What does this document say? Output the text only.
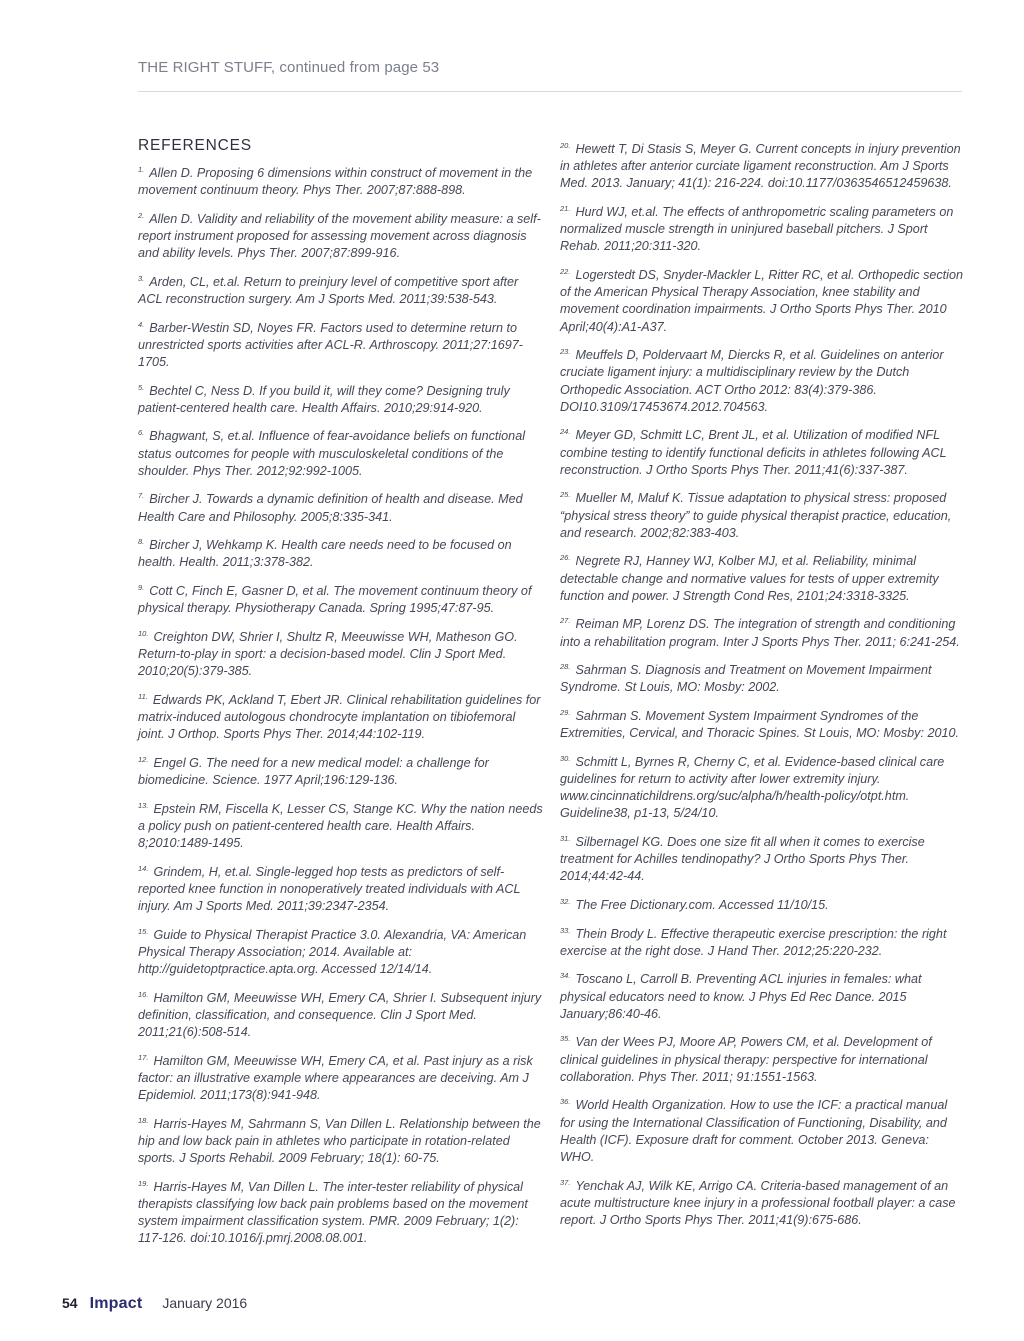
THE RIGHT STUFF, continued from page 53
REFERENCES

$^{1.}$ Allen D. Proposing 6 dimensions within construct of movement in the movement continuum theory. Phys Ther. 2007;87:888-898.

$^{2.}$ Allen D. Validity and reliability of the movement ability measure: a self-report instrument proposed for assessing movement across diagnosis and ability levels. Phys Ther. 2007;87:899-916.

$^{3.}$ Arden, CL, et.al. Return to preinjury level of competitive sport after ACL reconstruction surgery. Am J Sports Med. 2011;39:538-543.

$^{4.}$ Barber-Westin SD, Noyes FR. Factors used to determine return to unrestricted sports activities after ACL-R. Arthroscopy. 2011;27:1697-1705.

$^{5.}$ Bechtel C, Ness D. If you build it, will they come? Designing truly patient-centered health care. Health Affairs. 2010;29:914-920.

$^{6.}$ Bhagwant, S, et.al. Influence of fear-avoidance beliefs on functional status outcomes for people with musculoskeletal conditions of the shoulder. Phys Ther. 2012;92:992-1005.

$^{7.}$ Bircher J. Towards a dynamic definition of health and disease. Med Health Care and Philosophy. 2005;8:335-341.

$^{8.}$ Bircher J, Wehkamp K. Health care needs need to be focused on health. Health. 2011;3:378-382.

$^{9.}$ Cott C, Finch E, Gasner D, et al. The movement continuum theory of physical therapy. Physiotherapy Canada. Spring 1995;47:87-95.

$^{10.}$ Creighton DW, Shrier I, Shultz R, Meeuwisse WH, Matheson GO. Return-to-play in sport: a decision-based model. Clin J Sport Med. 2010;20(5):379-385.

$^{11.}$ Edwards PK, Ackland T, Ebert JR. Clinical rehabilitation guidelines for matrix-induced autologous chondrocyte implantation on tibiofemoral joint. J Orthop. Sports Phys Ther. 2014;44:102-119.

$^{12.}$ Engel G. The need for a new medical model: a challenge for biomedicine. Science. 1977 April;196:129-136.

$^{13.}$ Epstein RM, Fiscella K, Lesser CS, Stange KC. Why the nation needs a policy push on patient-centered health care. Health Affairs. 8;2010:1489-1495.

$^{14.}$ Grindem, H, et.al. Single-legged hop tests as predictors of self-reported knee function in nonoperatively treated individuals with ACL injury. Am J Sports Med. 2011;39:2347-2354.

$^{15.}$ Guide to Physical Therapist Practice 3.0. Alexandria, VA: American Physical Therapy Association; 2014. Available at: http://guidetoptpractice.apta.org. Accessed 12/14/14.

$^{16.}$ Hamilton GM, Meeuwisse WH, Emery CA, Shrier I. Subsequent injury definition, classification, and consequence. Clin J Sport Med. 2011;21(6):508-514.

$^{17.}$ Hamilton GM, Meeuwisse WH, Emery CA, et al. Past injury as a risk factor: an illustrative example where appearances are deceiving. Am J Epidemiol. 2011;173(8):941-948.

$^{18.}$ Harris-Hayes M, Sahrmann S, Van Dillen L. Relationship between the hip and low back pain in athletes who participate in rotation-related sports. J Sports Rehabil. 2009 February; 18(1): 60-75.

$^{19.}$ Harris-Hayes M, Van Dillen L. The inter-tester reliability of physical therapists classifying low back pain problems based on the movement system impairment classification system. PMR. 2009 February; 1(2): 117-126. doi:10.1016/j.pmrj.2008.08.001.

$^{20.}$ Hewett T, Di Stasis S, Meyer G. Current concepts in injury prevention in athletes after anterior curciate ligament reconstruction. Am J Sports Med. 2013. January; 41(1): 216-224. doi:10.1177/0363546512459638.

$^{21.}$ Hurd WJ, et.al. The effects of anthropometric scaling parameters on normalized muscle strength in uninjured baseball pitchers. J Sport Rehab. 2011;20:311-320.

$^{22.}$ Logerstedt DS, Snyder-Mackler L, Ritter RC, et al. Orthopedic section of the American Physical Therapy Association, knee stability and movement coordination impairments. J Ortho Sports Phys Ther. 2010 April;40(4):A1-A37.

$^{23.}$ Meuffels D, Poldervaart M, Diercks R, et al. Guidelines on anterior cruciate ligament injury: a multidisciplinary review by the Dutch Orthopedic Association. ACT Ortho 2012: 83(4):379-386. DOI10.3109/17453674.2012.704563.

$^{24.}$ Meyer GD, Schmitt LC, Brent JL, et al. Utilization of modified NFL combine testing to identify functional deficits in athletes following ACL reconstruction. J Ortho Sports Phys Ther. 2011;41(6):337-387.

$^{25.}$ Mueller M, Maluf K. Tissue adaptation to physical stress: proposed “physical stress theory” to guide physical therapist practice, education, and research. 2002;82:383-403.

$^{26.}$ Negrete RJ, Hanney WJ, Kolber MJ, et al. Reliability, minimal detectable change and normative values for tests of upper extremity function and power. J Strength Cond Res, 2101;24:3318-3325.

$^{27.}$ Reiman MP, Lorenz DS. The integration of strength and conditioning into a rehabilitation program. Inter J Sports Phys Ther. 2011; 6:241-254.

$^{28.}$ Sahrman S. Diagnosis and Treatment on Movement Impairment Syndrome. St Louis, MO: Mosby: 2002.

$^{29.}$ Sahrman S. Movement System Impairment Syndromes of the Extremities, Cervical, and Thoracic Spines. St Louis, MO: Mosby: 2010.

$^{30.}$ Schmitt L, Byrnes R, Cherny C, et al. Evidence-based clinical care guidelines for return to activity after lower extremity injury. www.cincinnatichildrens.org/suc/alpha/h/health-policy/otpt.htm. Guideline38, p1-13, 5/24/10.

$^{31.}$ Silbernagel KG. Does one size fit all when it comes to exercise treatment for Achilles tendinopathy? J Ortho Sports Phys Ther. 2014;44:42-44.

$^{32.}$ The Free Dictionary.com. Accessed 11/10/15.

$^{33.}$ Thein Brody L. Effective therapeutic exercise prescription: the right exercise at the right dose. J Hand Ther. 2012;25:220-232.

$^{34.}$ Toscano L, Carroll B. Preventing ACL injuries in females: what physical educators need to know. J Phys Ed Rec Dance. 2015 January;86:40-46.

$^{35.}$ Van der Wees PJ, Moore AP, Powers CM, et al. Development of clinical guidelines in physical therapy: perspective for international collaboration. Phys Ther. 2011; 91:1551-1563.

$^{36.}$ World Health Organization. How to use the ICF: a practical manual for using the International Classification of Functioning, Disability, and Health (ICF). Exposure draft for comment. October 2013. Geneva: WHO.

$^{37.}$ Yenchak AJ, Wilk KE, Arrigo CA. Criteria-based management of an acute multistructure knee injury in a professional football player: a case report. J Ortho Sports Phys Ther. 2011;41(9):675-686.

54 Impact January 2016
